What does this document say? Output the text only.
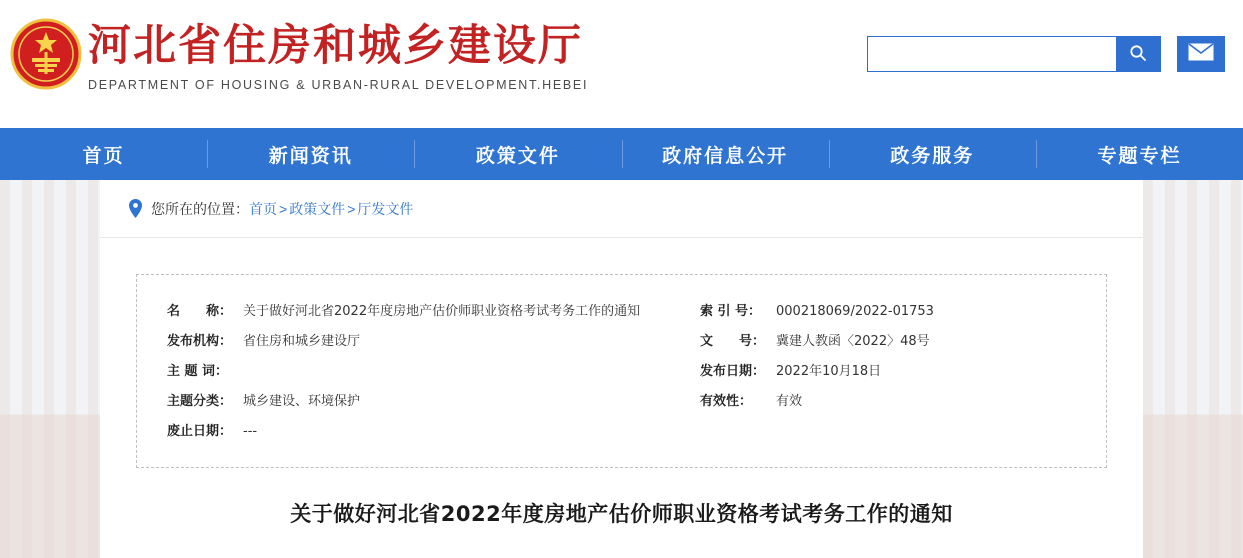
河北省住房和城乡建设厅
DEPARTMENT OF HOUSING & URBAN-RURAL DEVELOPMENT.HEBEI
首页	新闻资讯	政策文件	政府信息公开	政务服务	专题专栏
您所在的位置： 首页 > 政策文件 > 厅发文件
名　　称： 关于做好河北省2022年度房地产估价师职业资格考试考务工作的通知
发布机构： 省住房和城乡建设厅
主 题 词：
主题分类： 城乡建设、环境保护
废止日期： ---
索 引 号：	000218069/2022-01753
文　　号： 冀建人教函〈2022〉48号
发布日期： 2022年10月18日
有效性：	有效
关于做好河北省2022年度房地产估价师职业资格考试考务工作的通知
